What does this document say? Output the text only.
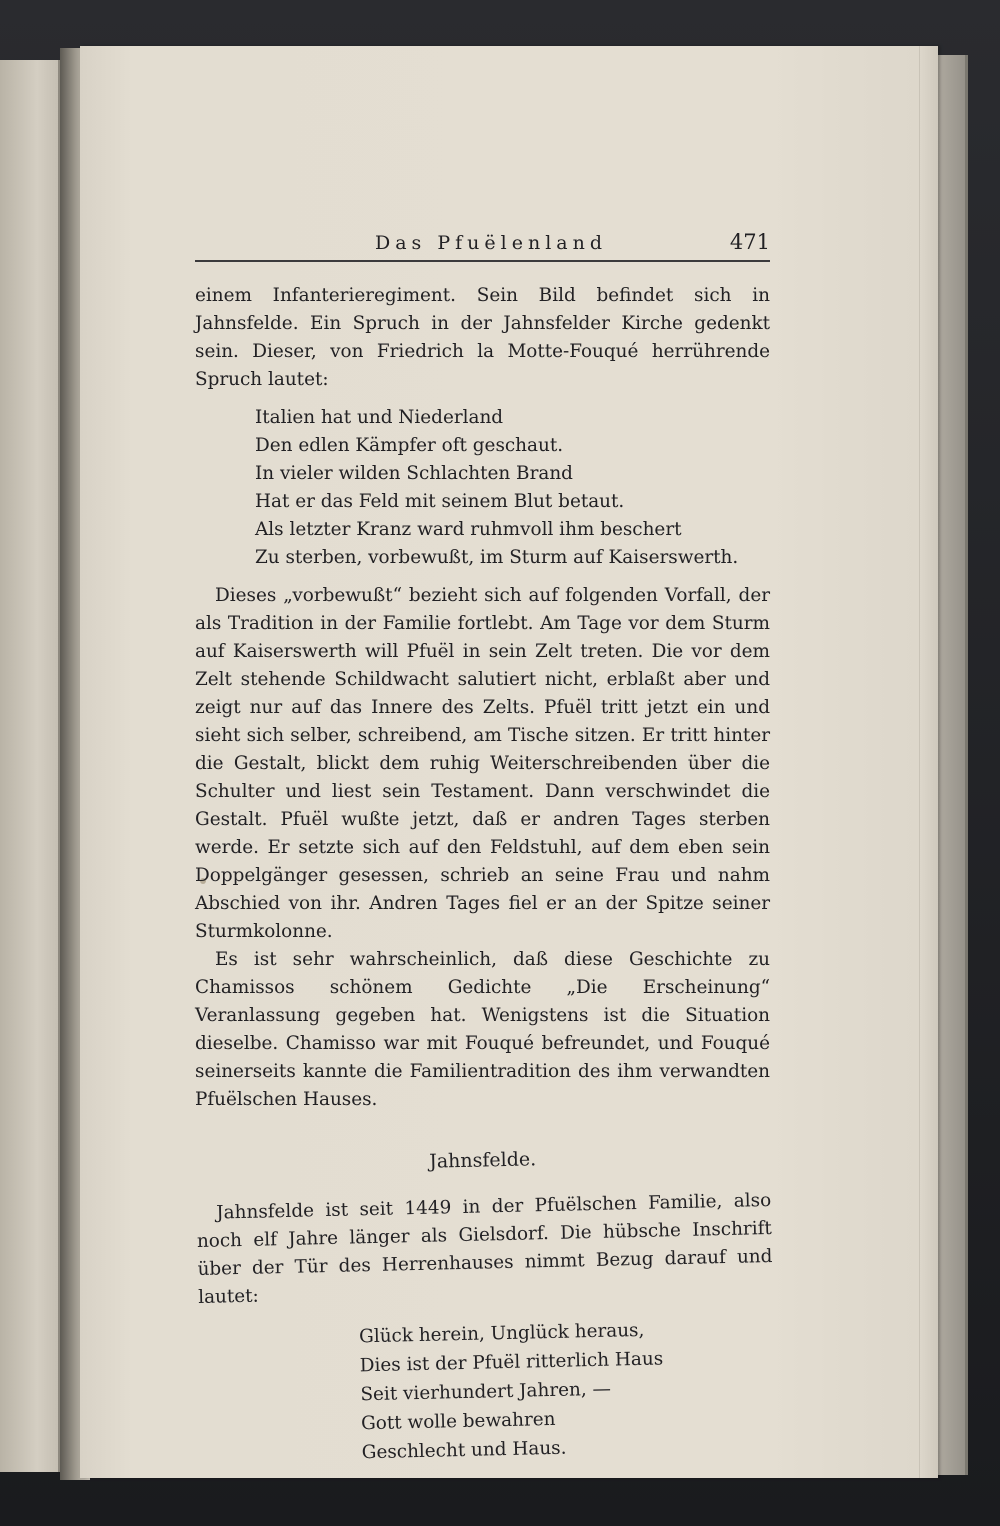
Das Pfuëlenland	471

einem Infanterieregiment. Sein Bild befindet sich in Jahnsfelde. Ein Spruch in der Jahnsfelder Kirche gedenkt sein. Dieser, von Friedrich la Motte-Fouqué herrührende Spruch lautet:

Italien hat und Niederland
Den edlen Kämpfer oft geschaut.
In vieler wilden Schlachten Brand
Hat er das Feld mit seinem Blut betaut.
Als letzter Kranz ward ruhmvoll ihm beschert
Zu sterben, vorbewußt, im Sturm auf Kaiserswerth.

Dieses „vorbewußt“ bezieht sich auf folgenden Vorfall, der als Tradition in der Familie fortlebt. Am Tage vor dem Sturm auf Kaiserswerth will Pfuël in sein Zelt treten. Die vor dem Zelt stehende Schildwacht salutiert nicht, erblaßt aber und zeigt nur auf das Innere des Zelts. Pfuël tritt jetzt ein und sieht sich selber, schreibend, am Tische sitzen. Er tritt hinter die Gestalt, blickt dem ruhig Weiterschreibenden über die Schulter und liest sein Testament. Dann verschwindet die Gestalt. Pfuël wußte jetzt, daß er andren Tages sterben werde. Er setzte sich auf den Feldstuhl, auf dem eben sein Doppelgänger gesessen, schrieb an seine Frau und nahm Abschied von ihr. Andren Tages fiel er an der Spitze seiner Sturmkolonne.

Es ist sehr wahrscheinlich, daß diese Geschichte zu Chamissos schönem Gedichte „Die Erscheinung“ Veranlassung gegeben hat. Wenigstens ist die Situation dieselbe. Chamisso war mit Fouqué befreundet, und Fouqué seinerseits kannte die Familientradition des ihm verwandten Pfuëlschen Hauses.

Jahnsfelde.

Jahnsfelde ist seit 1449 in der Pfuëlschen Familie, also noch elf Jahre länger als Gielsdorf. Die hübsche Inschrift über der Tür des Herrenhauses nimmt Bezug darauf und lautet:

Glück herein, Unglück heraus,
Dies ist der Pfuël ritterlich Haus
Seit vierhundert Jahren, —
Gott wolle bewahren
Geschlecht und Haus.
